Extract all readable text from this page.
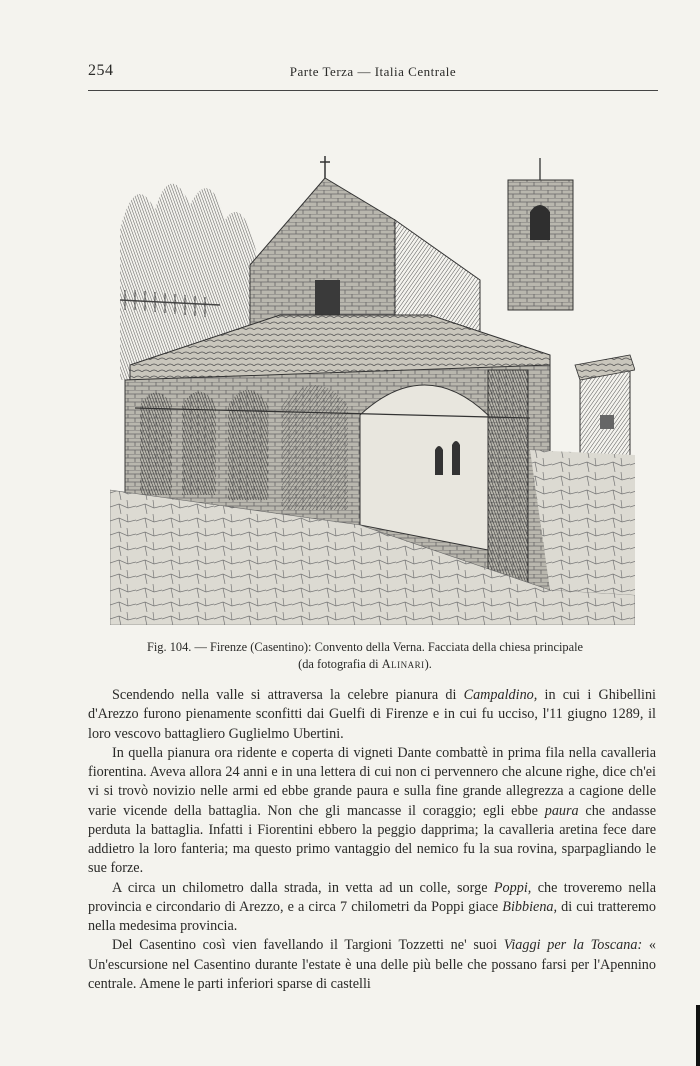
254	Parte Terza — Italia Centrale
Fig. 104. — Firenze (Casentino): Convento della Verna. Facciata della chiesa principale
(da fotografia di Alinari).

Scendendo nella valle si attraversa la celebre pianura di Campaldino, in cui i Ghibellini d'Arezzo furono pienamente sconfitti dai Guelfi di Firenze e in cui fu ucciso, l'11 giugno 1289, il loro vescovo battagliero Guglielmo Ubertini.

In quella pianura ora ridente e coperta di vigneti Dante combattè in prima fila nella cavalleria fiorentina. Aveva allora 24 anni e in una lettera di cui non ci pervennero che alcune righe, dice ch'ei vi si trovò novizio nelle armi ed ebbe grande paura e sulla fine grande allegrezza a cagione delle varie vicende della battaglia. Non che gli mancasse il coraggio; egli ebbe paura che andasse perduta la battaglia. Infatti i Fiorentini ebbero la peggio dapprima; la cavalleria aretina fece dare addietro la loro fanteria; ma questo primo vantaggio del nemico fu la sua rovina, sparpagliando le sue forze.

A circa un chilometro dalla strada, in vetta ad un colle, sorge Poppi, che troveremo nella provincia e circondario di Arezzo, e a circa 7 chilometri da Poppi giace Bibbiena, di cui tratteremo nella medesima provincia.

Del Casentino così vien favellando il Targioni Tozzetti ne' suoi Viaggi per la Toscana: « Un'escursione nel Casentino durante l'estate è una delle più belle che possano farsi per l'Apennino centrale. Amene le parti inferiori sparse di castelli
